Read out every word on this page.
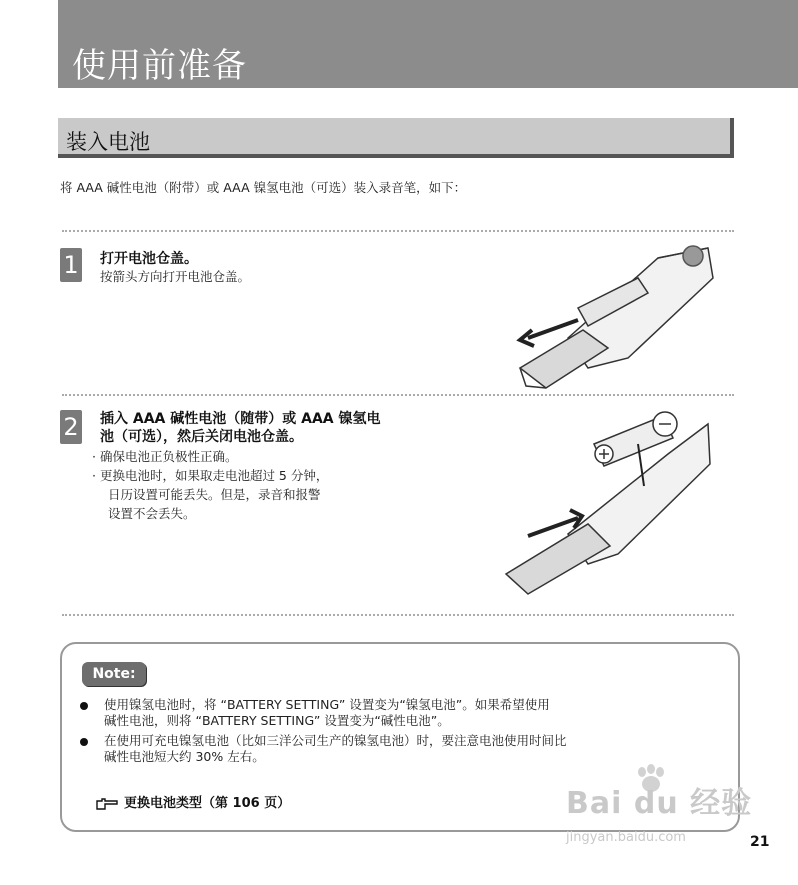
使用前准备
装入电池
将 AAA 碱性电池（附带）或 AAA 镍氢电池（可选）装入录音笔，如下：
1 打开电池仓盖。
按箭头方向打开电池仓盖。
2 插入 AAA 碱性电池（随带）或 AAA 镍氢电
池（可选），然后关闭电池仓盖。
· 确保电池正负极性正确。
· 更换电池时，如果取走电池超过 5 分钟，
日历设置可能丢失。但是，录音和报警
设置不会丢失。
Note:
使用镍氢电池时，将 “BATTERY SETTING” 设置变为“镍氢电池”。如果希望使用
碱性电池，则将 “BATTERY SETTING” 设置变为“碱性电池”。
在使用可充电镍氢电池（比如三洋公司生产的镍氢电池）时，要注意电池使用时间比
碱性电池短大约 30% 左右。
更换电池类型（第 106 页）	Bai du 经验
jingyan.baidu.com	21
